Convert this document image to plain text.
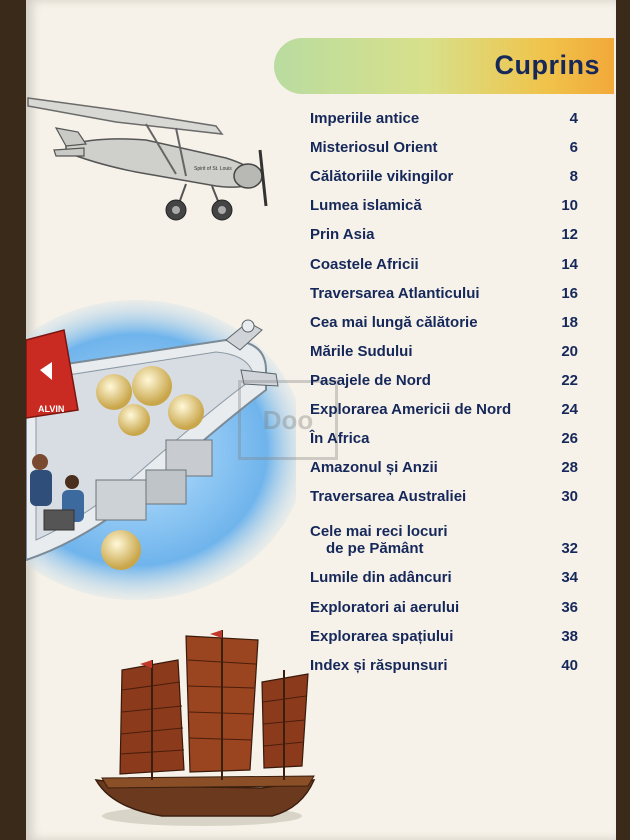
Spirit of St. Louis
ALVIN	Doo
Cuprins
Imperiile antice	4
Misteriosul Orient	6
Călătoriile vikingilor	8
Lumea islamică	10
Prin Asia	12
Coastele Africii	14
Traversarea Atlanticului	16
Cea mai lungă călătorie	18
Mările Sudului	20
Pasajele de Nord	22
Explorarea Americii de Nord	24
În Africa	26
Amazonul și Anzii	28
Traversarea Australiei	30
Cele mai reci locuri
de pe Pământ	32
Lumile din adâncuri	34
Exploratori ai aerului	36
Explorarea spațiului	38
Index și răspunsuri	40
